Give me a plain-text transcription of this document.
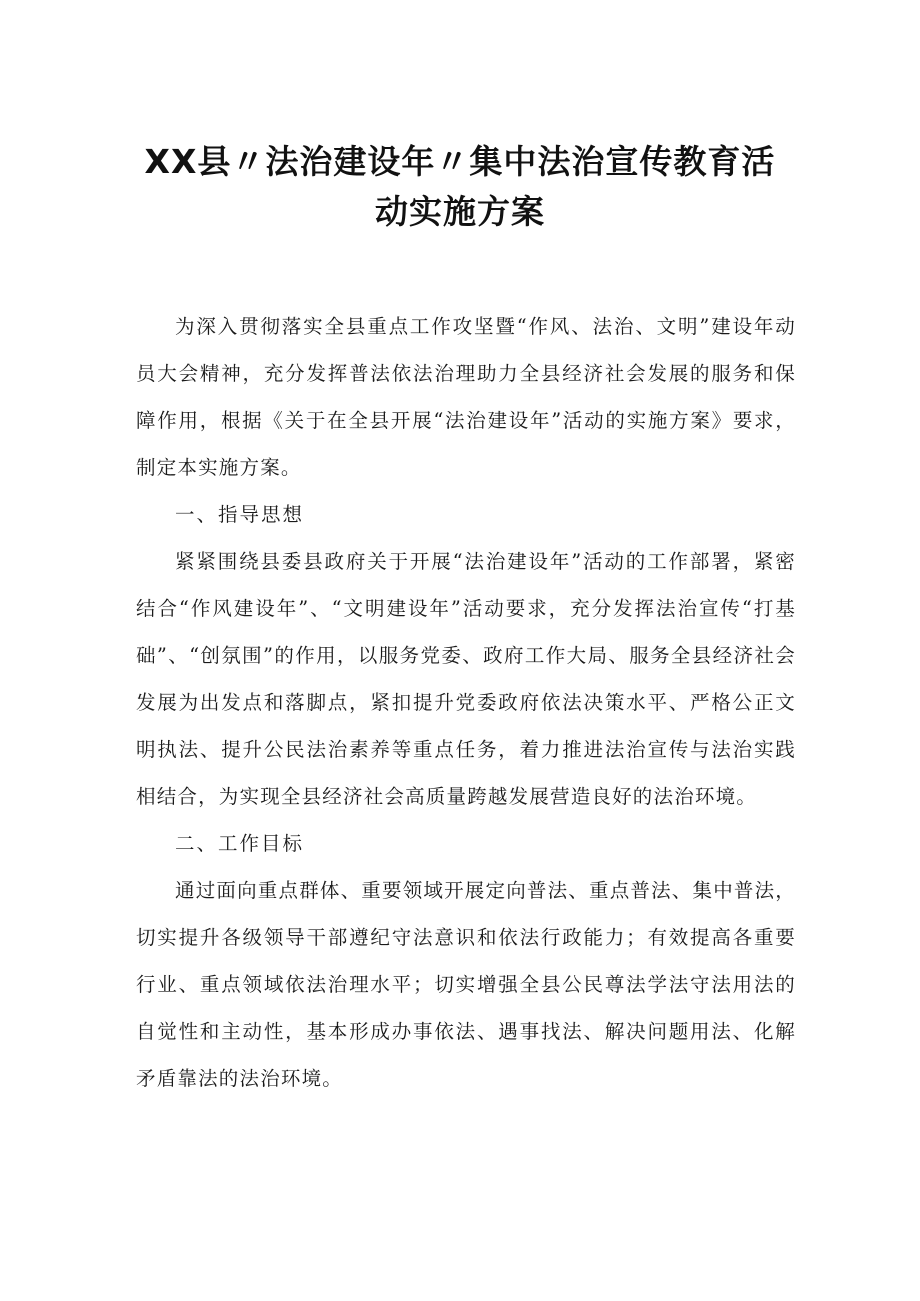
XX县〃法治建设年〃集中法治宣传教育活
动实施方案

为深入贯彻落实全县重点工作攻坚暨“作风、法治、文明”建设年动员大会精神，充分发挥普法依法治理助力全县经济社会发展的服务和保障作用，根据《关于在全县开展“法治建设年”活动的实施方案》要求，制定本实施方案。

一、指导思想

紧紧围绕县委县政府关于开展“法治建设年”活动的工作部署，紧密结合“作风建设年”、“文明建设年”活动要求，充分发挥法治宣传“打基础”、“创氛围”的作用，以服务党委、政府工作大局、服务全县经济社会发展为出发点和落脚点，紧扣提升党委政府依法决策水平、严格公正文明执法、提升公民法治素养等重点任务，着力推进法治宣传与法治实践相结合，为实现全县经济社会高质量跨越发展营造良好的法治环境。

二、工作目标

通过面向重点群体、重要领域开展定向普法、重点普法、集中普法，切实提升各级领导干部遵纪守法意识和依法行政能力；有效提高各重要行业、重点领域依法治理水平；切实增强全县公民尊法学法守法用法的自觉性和主动性，基本形成办事依法、遇事找法、解决问题用法、化解矛盾靠法的法治环境。
